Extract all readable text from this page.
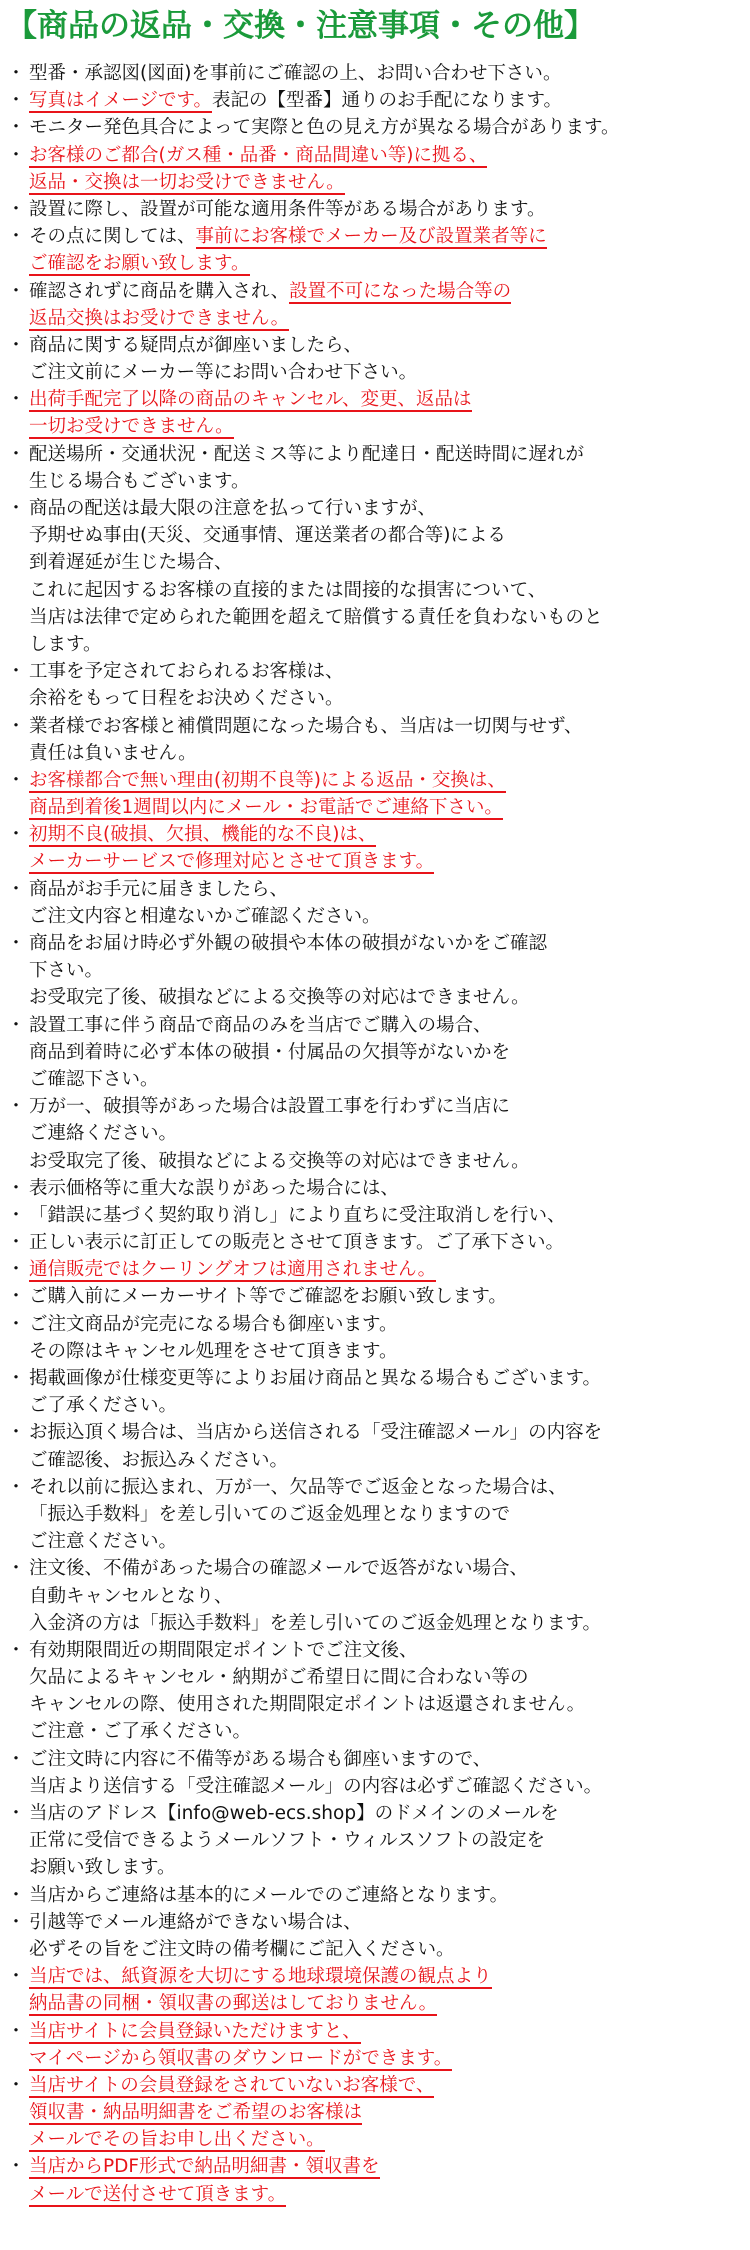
【商品の返品・交換・注意事項・その他】
・ 型番・承認図(図面)を事前にご確認の上、お問い合わせ下さい。
・ 写真はイメージです。表記の【型番】通りのお手配になります。
・ モニター発色具合によって実際と色の見え方が異なる場合があります。
・ お客様のご都合(ガス種・品番・商品間違い等)に拠る、
返品・交換は一切お受けできません。
・ 設置に際し、設置が可能な適用条件等がある場合があります。
・ その点に関しては、事前にお客様でメーカー及び設置業者等に
ご確認をお願い致します。
・ 確認されずに商品を購入され、設置不可になった場合等の
返品交換はお受けできません。
・ 商品に関する疑問点が御座いましたら、
ご注文前にメーカー等にお問い合わせ下さい。
・ 出荷手配完了以降の商品のキャンセル、変更、返品は
一切お受けできません。
・ 配送場所・交通状況・配送ミス等により配達日・配送時間に遅れが
生じる場合もございます。
・ 商品の配送は最大限の注意を払って行いますが、
予期せぬ事由(天災、交通事情、運送業者の都合等)による
到着遅延が生じた場合、
これに起因するお客様の直接的または間接的な損害について、
当店は法律で定められた範囲を超えて賠償する責任を負わないものと
します。
・ 工事を予定されておられるお客様は、
余裕をもって日程をお決めください。
・ 業者様でお客様と補償問題になった場合も、当店は一切関与せず、
責任は負いません。
・ お客様都合で無い理由(初期不良等)による返品・交換は、
商品到着後1週間以内にメール・お電話でご連絡下さい。
・ 初期不良(破損、欠損、機能的な不良)は、
メーカーサービスで修理対応とさせて頂きます。
・ 商品がお手元に届きましたら、
ご注文内容と相違ないかご確認ください。
・ 商品をお届け時必ず外観の破損や本体の破損がないかをご確認
下さい。
お受取完了後、破損などによる交換等の対応はできません。
・ 設置工事に伴う商品で商品のみを当店でご購入の場合、
商品到着時に必ず本体の破損・付属品の欠損等がないかを
ご確認下さい。
・ 万が一、破損等があった場合は設置工事を行わずに当店に
ご連絡ください。
お受取完了後、破損などによる交換等の対応はできません。
・ 表示価格等に重大な誤りがあった場合には、
・ 「錯誤に基づく契約取り消し」により直ちに受注取消しを行い、
・ 正しい表示に訂正しての販売とさせて頂きます。ご了承下さい。
・ 通信販売ではクーリングオフは適用されません。
・ ご購入前にメーカーサイト等でご確認をお願い致します。
・ ご注文商品が完売になる場合も御座います。
その際はキャンセル処理をさせて頂きます。
・ 掲載画像が仕様変更等によりお届け商品と異なる場合もございます。
ご了承ください。
・ お振込頂く場合は、当店から送信される「受注確認メール」の内容を
ご確認後、お振込みください。
・ それ以前に振込まれ、万が一、欠品等でご返金となった場合は、
「振込手数料」を差し引いてのご返金処理となりますので
ご注意ください。
・ 注文後、不備があった場合の確認メールで返答がない場合、
自動キャンセルとなり、
入金済の方は「振込手数料」を差し引いてのご返金処理となります。
・ 有効期限間近の期間限定ポイントでご注文後、
欠品によるキャンセル・納期がご希望日に間に合わない等の
キャンセルの際、使用された期間限定ポイントは返還されません。
ご注意・ご了承ください。
・ ご注文時に内容に不備等がある場合も御座いますので、
当店より送信する「受注確認メール」の内容は必ずご確認ください。
・ 当店のアドレス【info@web-ecs.shop】のドメインのメールを
正常に受信できるようメールソフト・ウィルスソフトの設定を
お願い致します。
・ 当店からご連絡は基本的にメールでのご連絡となります。
・ 引越等でメール連絡ができない場合は、
必ずその旨をご注文時の備考欄にご記入ください。
・ 当店では、紙資源を大切にする地球環境保護の観点より
納品書の同梱・領収書の郵送はしておりません。
・ 当店サイトに会員登録いただけますと、
マイページから領収書のダウンロードができます。
・ 当店サイトの会員登録をされていないお客様で、
領収書・納品明細書をご希望のお客様は
メールでその旨お申し出ください。
・ 当店からPDF形式で納品明細書・領収書を
メールで送付させて頂きます。
